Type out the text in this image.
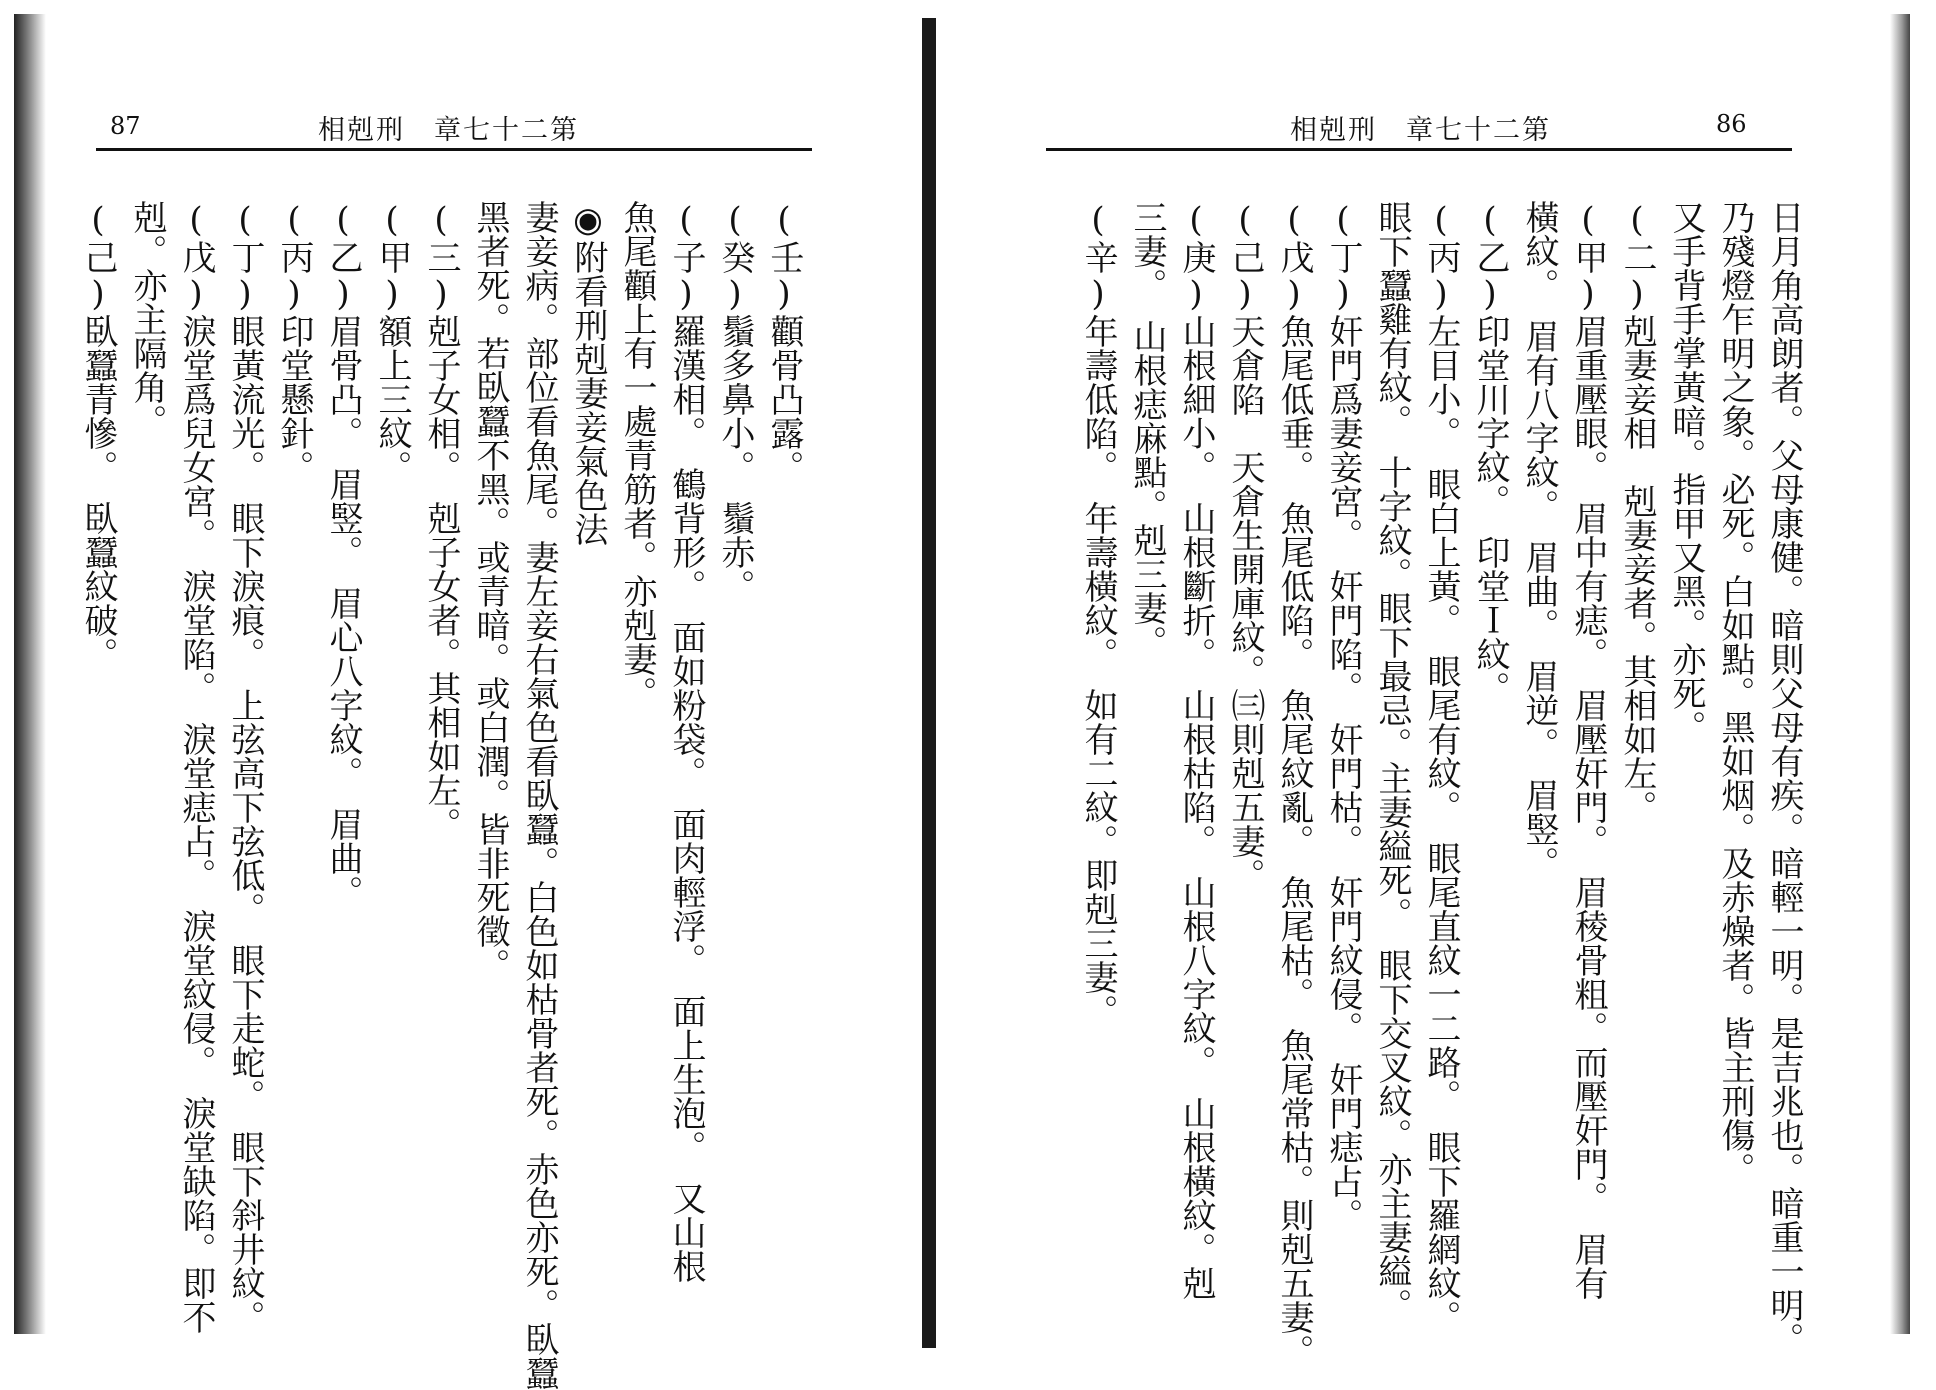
87	相剋刑　章七十二第
(壬)顴骨凸露。
(癸)鬚多鼻小。　鬚赤。
(子)羅漢相。　鶴背形。　面如粉袋。　面肉輕浮。　面上生泡。　又山根
魚尾顴上有一處青筋者。亦剋妻。
◉附看刑剋妻妾氣色法
妻妾病。部位看魚尾。妻左妾右氣色看臥蠶。白色如枯骨者死。赤色亦死。臥蠶
黑者死。若臥蠶不黑。或青暗。或白潤。皆非死徵。
(三)剋子女相。　剋子女者。其相如左。
(甲)額上三紋。
(乙)眉骨凸。　眉竪。　眉心八字紋。　眉曲。
(丙)印堂懸針。
(丁)眼黃流光。　眼下淚痕。　上弦高下弦低。　眼下走蛇。　眼下斜井紋。
(戊)淚堂爲兒女宮。　淚堂陷。　淚堂痣占。　淚堂紋侵。　淚堂缺陷。即不
剋。亦主隔角。
(己)臥蠶青慘。　臥蠶紋破。
相剋刑　章七十二第	86
日月角高朗者。父母康健。暗則父母有疾。暗輕一明。是吉兆也。暗重一明。
乃殘燈乍明之象。必死。白如點。黑如烟。及赤燥者。皆主刑傷。
又手背手掌黃暗。指甲又黑。亦死。
(二)剋妻妾相　剋妻妾者。其相如左。
(甲)眉重壓眼。　眉中有痣。　眉壓奸門。　眉稜骨粗。而壓奸門。　眉有
橫紋。　眉有八字紋。　眉曲。　眉逆。　眉竪。
(乙)印堂川字紋。　印堂Ｉ紋。
(丙)左目小。　眼白上黃。　眼尾有紋。　眼尾直紋一二路。　眼下羅網紋。
眼下蠶雞有紋。　十字紋。眼下最忌。主妻縊死。　眼下交叉紋。亦主妻縊。
(丁)奸門爲妻妾宮。　奸門陷。　奸門枯。　奸門紋侵。　奸門痣占。
(戊)魚尾低垂。　魚尾低陷。　魚尾紋亂。　魚尾枯。　魚尾常枯。則剋五妻。
(己)天倉陷　天倉生開庫紋。㈢則剋五妻。
(庚)山根細小。　山根斷折。　山根枯陷。　山根八字紋。　山根橫紋。剋
三妻。　山根痣麻點。剋三妻。
(辛)年壽低陷。　年壽橫紋。　如有二紋。即剋三妻。
